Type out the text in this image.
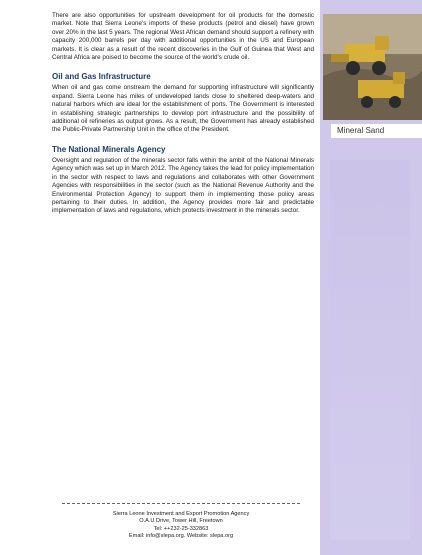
Mineral Sand

There are also opportunities for upstream development for oil products for the domestic market. Note that Sierra Leone's imports of these products (petrol and diesel) have grown over 20% in the last 5 years. The regional West African demand should support a refinery with capacity 200,000 barrels per day with additional opportunities in the US and European markets. It is clear as a result of the recent discoveries in the Gulf of Guinea that West and Central Africa are poised to become the source of the world's crude oil.

Oil and Gas Infrastructure

When oil and gas come onstream the demand for supporting infrastructure will significantly expand. Sierra Leone has miles of undeveloped lands close to sheltered deep-waters and natural harbors which are ideal for the establishment of ports. The Government is interested in establishing strategic partnerships to develop port infrastructure and the possibility of additional oil refineries as output grows. As a result, the Government has already established the Public-Private Partnership Unit in the office of the President.

The National Minerals Agency

Oversight and regulation of the minerals sector falls within the ambit of the National Minerals Agency which was set up in March 2012. The Agency takes the lead for policy implementation in the sector with respect to laws and regulations and collaborates with other Government Agencies with responsibilities in the sector (such as the National Revenue Authority and the Environmental Protection Agency) to support them in implementing those policy areas pertaining to their duties. In addition, the Agency provides more fair and predictable implementation of laws and regulations, which protects investment in the minerals sector.

Sierra Leone Investment and Export Promotion Agency
O.A.U Drive, Tower Hill, Freetown
Tel: ++232-25-332863
Email: info@slepa.org. Website: slepa.org
